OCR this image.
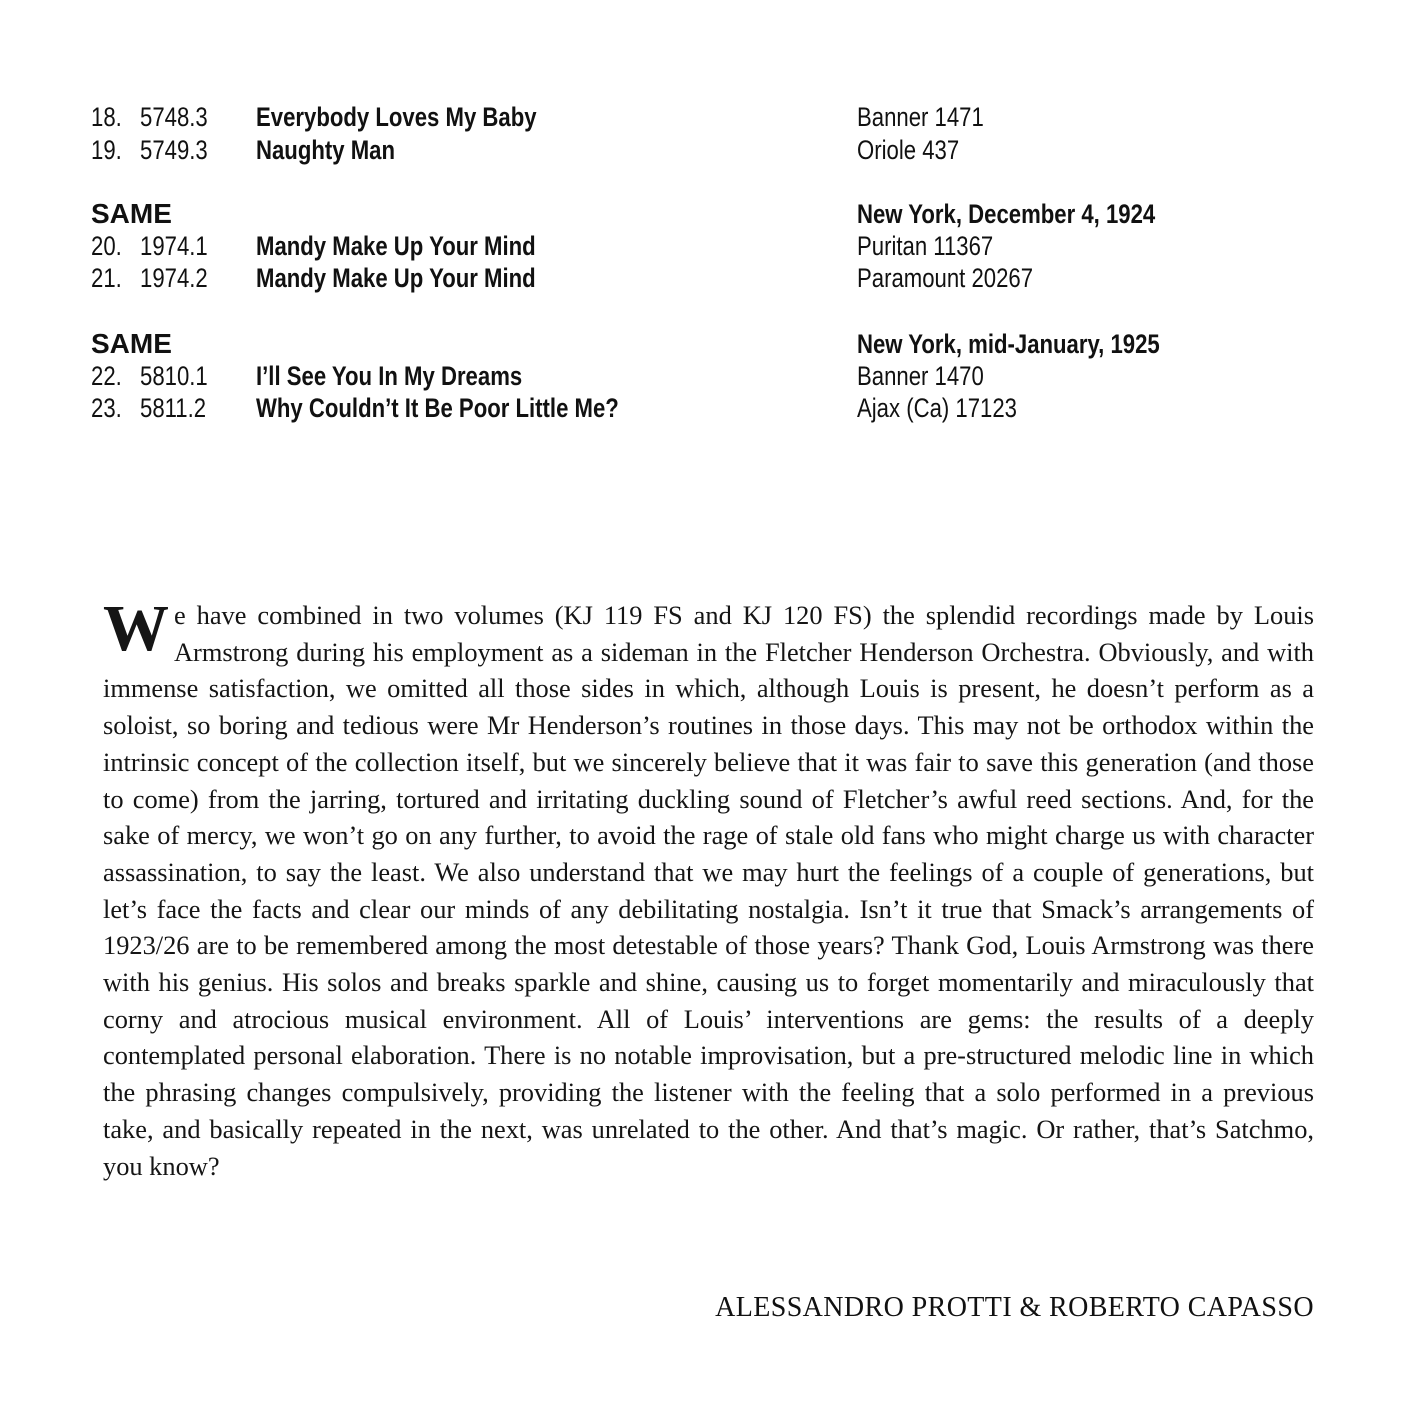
18. 5748.3 Everybody Loves My Baby	Banner 1471
19. 5749.3 Naughty Man	Oriole 437
SAME	New York, December 4, 1924
20. 1974.1 Mandy Make Up Your Mind	Puritan 11367
21. 1974.2 Mandy Make Up Your Mind	Paramount 20267
SAME	New York, mid-January, 1925
22. 5810.1 I’ll See You In My Dreams	Banner 1470
23. 5811.2 Why Couldn’t It Be Poor Little Me?	Ajax (Ca) 17123
We have combined in two volumes (KJ 119 FS and KJ 120 FS) the splendid recordings made by Louis Armstrong during his employment as a sideman in the Fletcher Henderson Orchestra. Obviously, and with immense satisfaction, we omitted all those sides in which, although Louis is present, he doesn’t perform as a soloist, so boring and tedious were Mr Henderson’s routines in those days. This may not be orthodox within the intrinsic concept of the collection itself, but we sincerely believe that it was fair to save this generation (and those to come) from the jarring, tortured and irritating duckling sound of Fletcher’s awful reed sections. And, for the sake of mercy, we won’t go on any further, to avoid the rage of stale old fans who might charge us with character assassination, to say the least. We also understand that we may hurt the feelings of a couple of generations, but let’s face the facts and clear our minds of any debilitating nostalgia. Isn’t it true that Smack’s arrangements of 1923/26 are to be remembered among the most detestable of those years? Thank God, Louis Armstrong was there with his genius. His solos and breaks sparkle and shine, causing us to forget momentarily and miraculously that corny and atrocious musical environment. All of Louis’ interventions are gems: the results of a deeply contemplated personal elaboration. There is no notable improvisation, but a pre-structured melodic line in which the phrasing changes compulsively, providing the listener with the feeling that a solo performed in a previous take, and basically repeated in the next, was unrelated to the other. And that’s magic. Or rather, that’s Satchmo, you know?
ALESSANDRO PROTTI & ROBERTO CAPASSO
